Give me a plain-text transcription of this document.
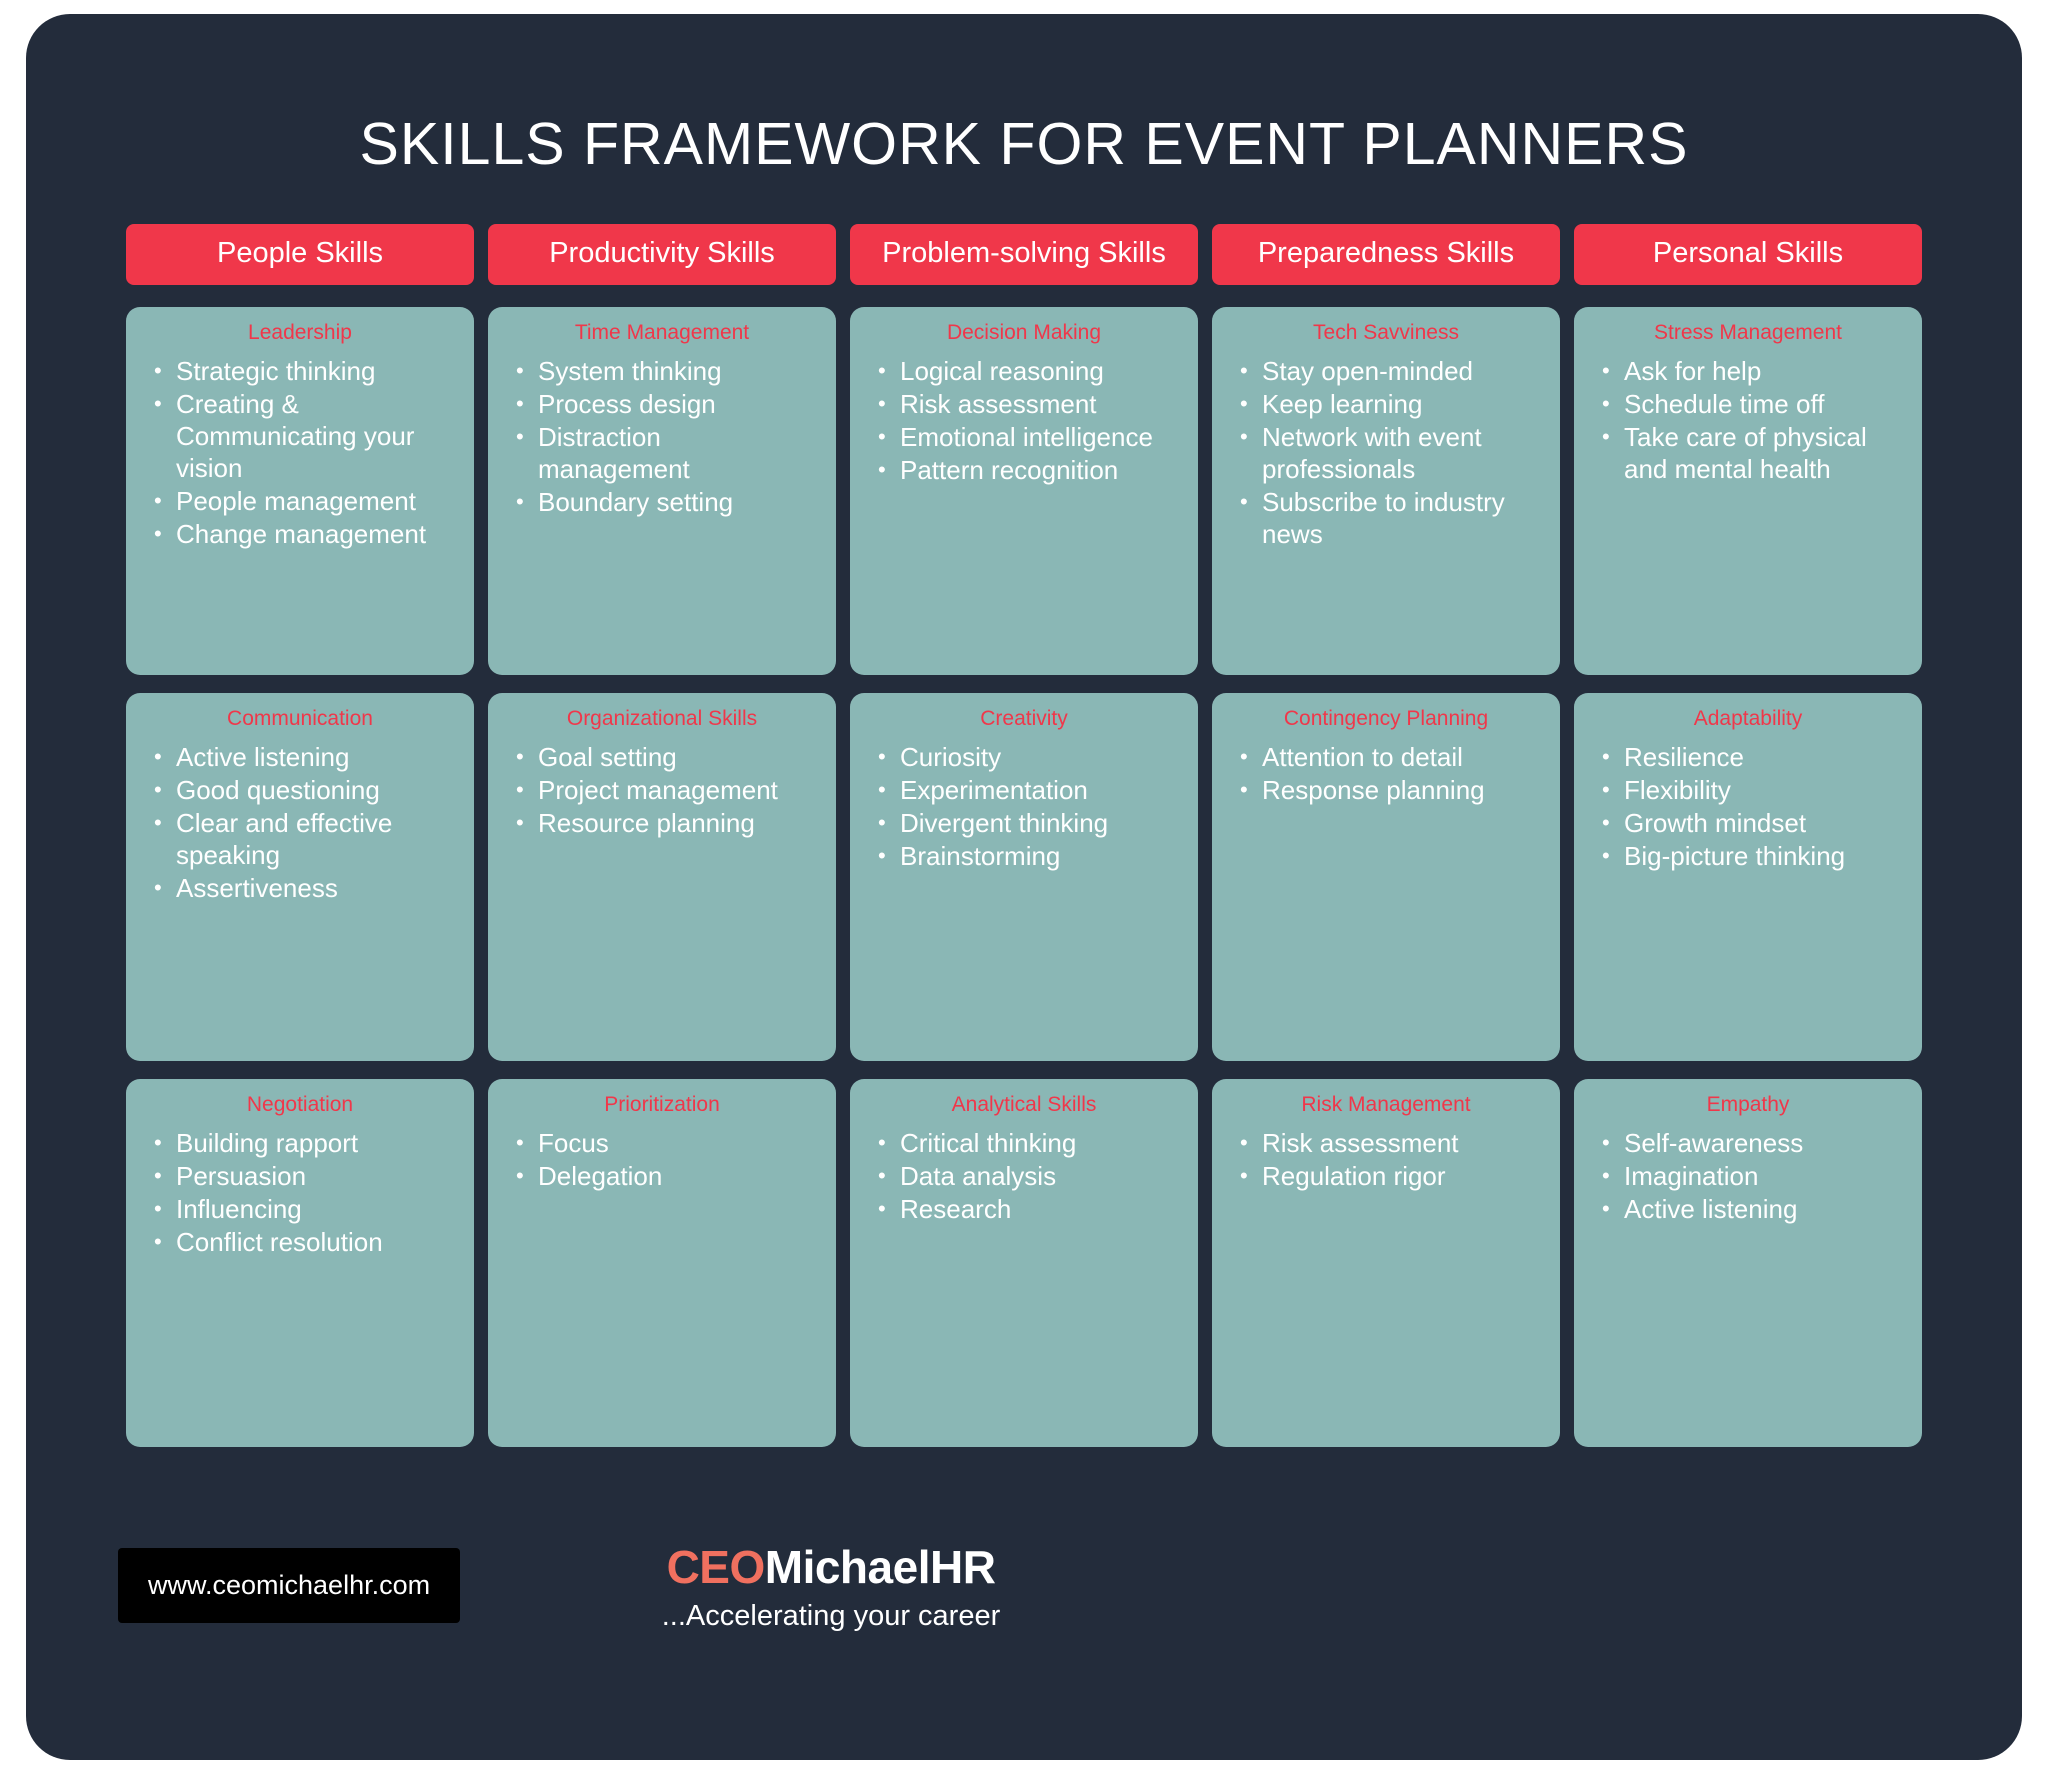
SKILLS FRAMEWORK FOR EVENT PLANNERS
People Skills
Leadership
• Strategic thinking
• Creating & Communicating your vision
• People management
• Change management
Communication
• Active listening
• Good questioning
• Clear and effective speaking
• Assertiveness
Negotiation
• Building rapport
• Persuasion
• Influencing
• Conflict resolution
Productivity Skills
Time Management
• System thinking
• Process design
• Distraction management
• Boundary setting
Organizational Skills
• Goal setting
• Project management
• Resource planning
Prioritization
• Focus
• Delegation
Problem-solving Skills
Decision Making
• Logical reasoning
• Risk assessment
• Emotional intelligence
• Pattern recognition
Creativity
• Curiosity
• Experimentation
• Divergent thinking
• Brainstorming
Analytical Skills
• Critical thinking
• Data analysis
• Research
Preparedness Skills
Tech Savviness
• Stay open-minded
• Keep learning
• Network with event professionals
• Subscribe to industry news
Contingency Planning
• Attention to detail
• Response planning
Risk Management
• Risk assessment
• Regulation rigor
Personal Skills
Stress Management
• Ask for help
• Schedule time off
• Take care of physical and mental health
Adaptability
• Resilience
• Flexibility
• Growth mindset
• Big-picture thinking
Empathy
• Self-awareness
• Imagination
• Active listening
www.ceomichaelhr.com	CEOMichaelHR
...Accelerating your career
